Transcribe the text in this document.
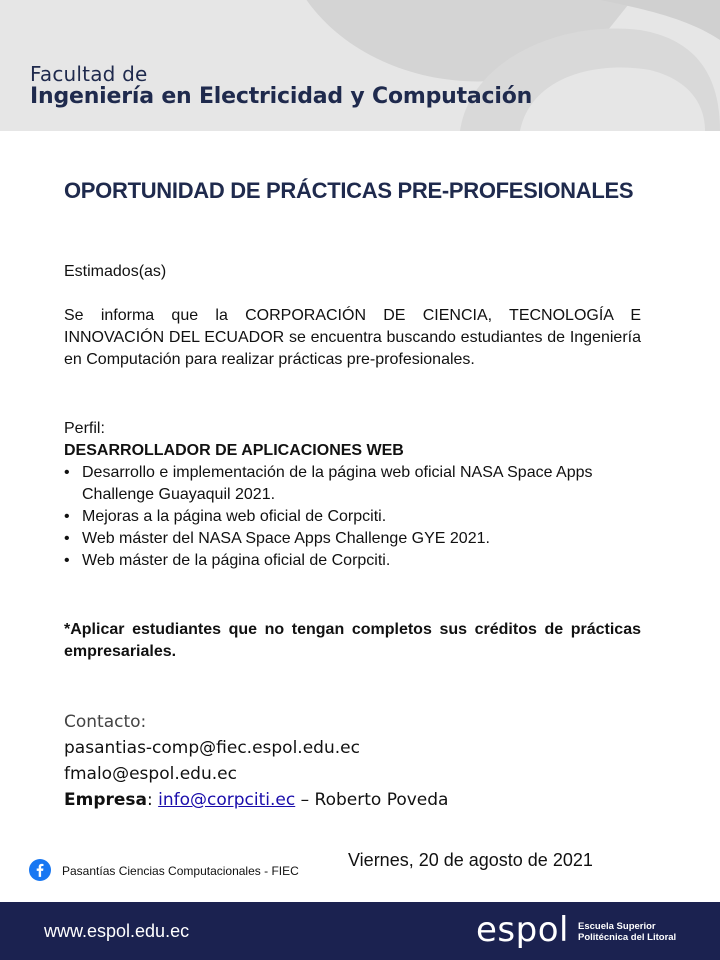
Facultad de
Ingeniería en Electricidad y Computación
OPORTUNIDAD DE PRÁCTICAS PRE-PROFESIONALES
Estimados(as)
Se informa que la CORPORACIÓN DE CIENCIA, TECNOLOGÍA E INNOVACIÓN DEL ECUADOR se encuentra buscando estudiantes de Ingeniería en Computación para realizar prácticas pre-profesionales.
Perfil:
DESARROLLADOR DE APLICACIONES WEB
• Desarrollo e implementación de la página web oficial NASA Space Apps Challenge Guayaquil 2021.
• Mejoras a la página web oficial de Corpciti.
• Web máster del NASA Space Apps Challenge GYE 2021.
• Web máster de la página oficial de Corpciti.
*Aplicar estudiantes que no tengan completos sus créditos de prácticas empresariales.
Contacto:
pasantias-comp@fiec.espol.edu.ec
fmalo@espol.edu.ec
Empresa: info@corpciti.ec – Roberto Poveda
Pasantías Ciencias Computacionales - FIEC
Viernes, 20 de agosto de 2021
www.espol.edu.ec	espol Escuela Superior
Politécnica del Litoral
